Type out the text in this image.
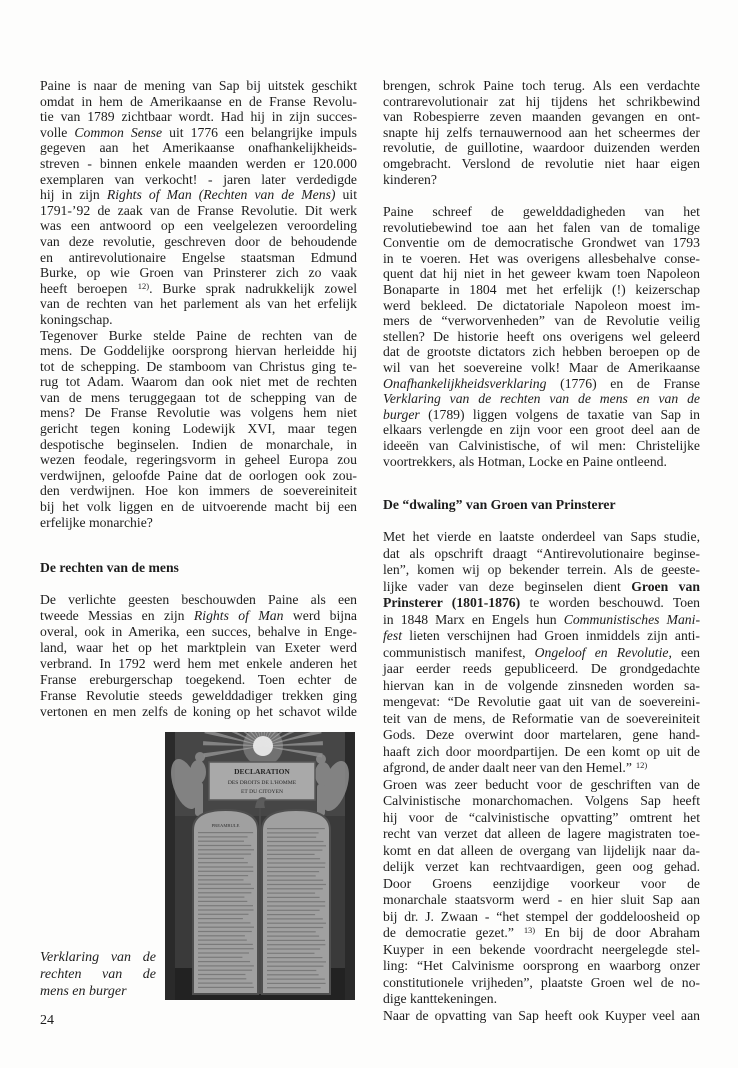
Paine is naar de mening van Sap bij uitstek geschikt
omdat in hem de Amerikaanse en de Franse Revolu-
tie van 1789 zichtbaar wordt. Had hij in zijn succes-
volle Common Sense uit 1776 een belangrijke impuls
gegeven aan het Amerikaanse onafhankelijkheids-
streven - binnen enkele maanden werden er 120.000
exemplaren van verkocht! - jaren later verdedigde
hij in zijn Rights of Man (Rechten van de Mens) uit
1791-’92 de zaak van de Franse Revolutie. Dit werk
was een antwoord op een veelgelezen veroordeling
van deze revolutie, geschreven door de behoudende
en antirevolutionaire Engelse staatsman Edmund
Burke, op wie Groen van Prinsterer zich zo vaak
heeft beroepen $^{12)}$. Burke sprak nadrukkelijk zowel
van de rechten van het parlement als van het erfelijk
koningschap.
Tegenover Burke stelde Paine de rechten van de
mens. De Goddelijke oorsprong hiervan herleidde hij
tot de schepping. De stamboom van Christus ging te-
rug tot Adam. Waarom dan ook niet met de rechten
van de mens teruggegaan tot de schepping van de
mens? De Franse Revolutie was volgens hem niet
gericht tegen koning Lodewijk XVI, maar tegen
despotische beginselen. Indien de monarchale, in
wezen feodale, regeringsvorm in geheel Europa zou
verdwijnen, geloofde Paine dat de oorlogen ook zou-
den verdwijnen. Hoe kon immers de soevereiniteit
bij het volk liggen en de uitvoerende macht bij een
erfelijke monarchie?
De rechten van de mens
De verlichte geesten beschouwden Paine als een
tweede Messias en zijn Rights of Man werd bijna
overal, ook in Amerika, een succes, behalve in Enge-
land, waar het op het marktplein van Exeter werd
verbrand. In 1792 werd hem met enkele anderen het
Franse ereburgerschap toegekend. Toen echter de
Franse Revolutie steeds gewelddadiger trekken ging
vertonen en men zelfs de koning op het schavot wilde
DECLARATION
DES DROITS DE L'HOMME
ET DU CITOYEN
PREAMBULE
Verklaring van de
rechten van de
mens en burger
24
brengen, schrok Paine toch terug. Als een verdachte
contrarevolutionair zat hij tijdens het schrikbewind
van Robespierre zeven maanden gevangen en ont-
snapte hij zelfs ternauwernood aan het scheermes der
revolutie, de guillotine, waardoor duizenden werden
omgebracht. Verslond de revolutie niet haar eigen
kinderen?
Paine schreef de gewelddadigheden van het
revolutiebewind toe aan het falen van de tomalige
Conventie om de democratische Grondwet van 1793
in te voeren. Het was overigens allesbehalve conse-
quent dat hij niet in het geweer kwam toen Napoleon
Bonaparte in 1804 met het erfelijk (!) keizerschap
werd bekleed. De dictatoriale Napoleon moest im-
mers de “verworvenheden” van de Revolutie veilig
stellen? De historie heeft ons overigens wel geleerd
dat de grootste dictators zich hebben beroepen op de
wil van het soevereine volk! Maar de Amerikaanse
Onafhankelijkheidsverklaring (1776) en de Franse
Verklaring van de rechten van de mens en van de
burger (1789) liggen volgens de taxatie van Sap in
elkaars verlengde en zijn voor een groot deel aan de
ideeën van Calvinistische, of wil men: Christelijke
voortrekkers, als Hotman, Locke en Paine ontleend.
De “dwaling” van Groen van Prinsterer
Met het vierde en laatste onderdeel van Saps studie,
dat als opschrift draagt “Antirevolutionaire beginse-
len”, komen wij op bekender terrein. Als de geeste-
lijke vader van deze beginselen dient Groen van
Prinsterer (1801-1876) te worden beschouwd. Toen
in 1848 Marx en Engels hun Communistisches Mani-
fest lieten verschijnen had Groen inmiddels zijn anti-
communistisch manifest, Ongeloof en Revolutie, een
jaar eerder reeds gepubliceerd. De grondgedachte
hiervan kan in de volgende zinsneden worden sa-
mengevat: “De Revolutie gaat uit van de soevereini-
teit van de mens, de Reformatie van de soevereiniteit
Gods. Deze overwint door martelaren, gene hand-
haaft zich door moordpartijen. De een komt op uit de
afgrond, de ander daalt neer van den Hemel.” $^{12)}$
Groen was zeer beducht voor de geschriften van de
Calvinistische monarchomachen. Volgens Sap heeft
hij voor de “calvinistische opvatting” omtrent het
recht van verzet dat alleen de lagere magistraten toe-
komt en dat alleen de overgang van lijdelijk naar da-
delijk verzet kan rechtvaardigen, geen oog gehad.
Door Groens eenzijdige voorkeur voor de
monarchale staatsvorm werd - en hier sluit Sap aan
bij dr. J. Zwaan - “het stempel der goddeloosheid op
de democratie gezet.” $^{13)}$ En bij de door Abraham
Kuyper in een bekende voordracht neergelegde stel-
ling: “Het Calvinisme oorsprong en waarborg onzer
constitutionele vrijheden”, plaatste Groen wel de no-
dige kanttekeningen.
Naar de opvatting van Sap heeft ook Kuyper veel aan
